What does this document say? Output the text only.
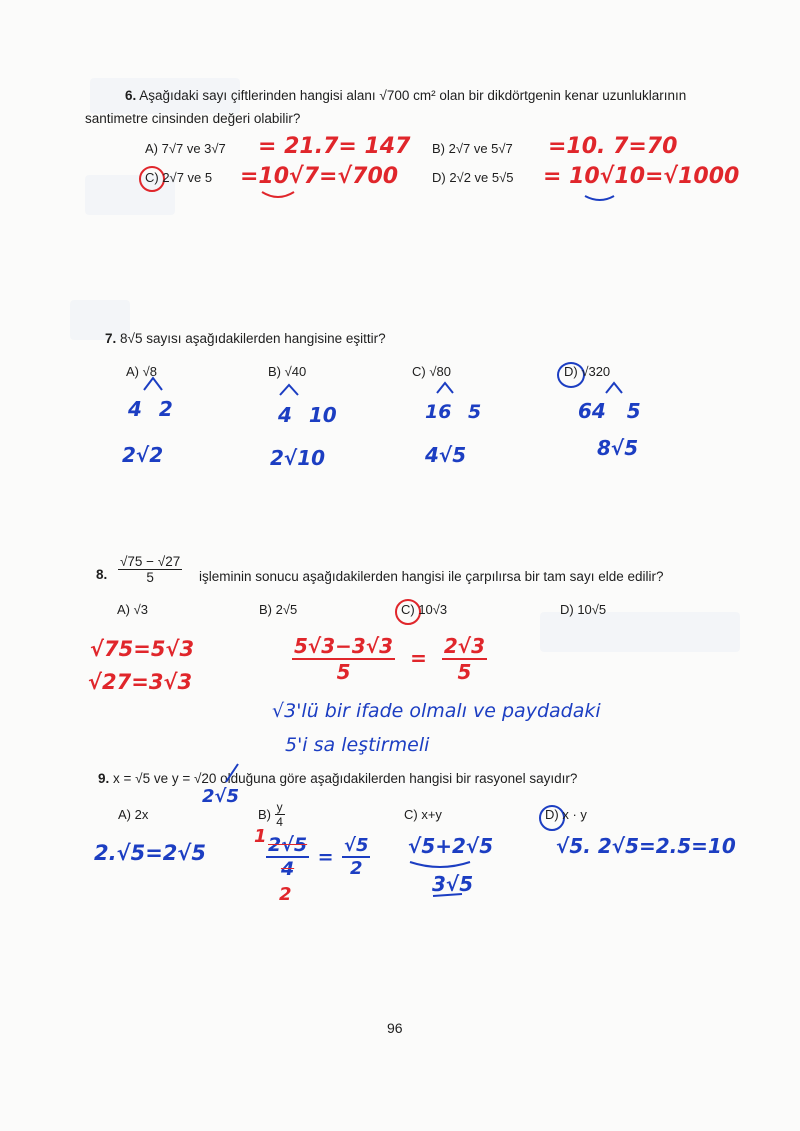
6. Aşağıdaki sayı çiftlerinden hangisi alanı √700 cm² olan bir dikdörtgenin kenar uzunluklarının
santimetre cinsinden değeri olabilir?
A) 7√7 ve 3√7 = 21.7= 147 B) 2√7 ve 5√7 =10. 7=70
C) 2√7 ve 5 =10√7=√700	D) 2√2 ve 5√5 = 10√10=√1000
7. 8√5 sayısı aşağıdakilerden hangisine eşittir?
A) √8	B) √40	C) √80	D) √320
4 2
2√2
4 10
2√10
16 5
4√5
64 5
8√5
8. $\frac{√75 - √27}{5}$ işleminin sonucu aşağıdakilerden hangisi ile çarpılırsa bir tam sayı elde edilir?
A) √3	B) 2√5	C) 10√3	D) 10√5
√75=5√3
√27=3√3	$\frac{5√3-3√3}{5} = \frac{2√3}{5}$
√3'lü bir ifade olmalı ve paydadaki
5'i sa leştirmeli
9. x = √5 ve y = √20 olduğuna göre aşağıdakilerden hangisi bir rasyonel sayıdır?
2√5
A) 2x	$B) \frac{y}{4}$	C) x+y	D) x · y
2.√5=2√5
$1 \frac{2√5}{4} = \frac{√5}{2}$
2
√5+2√5
3√5
√5. 2√5=2.5=10
96
